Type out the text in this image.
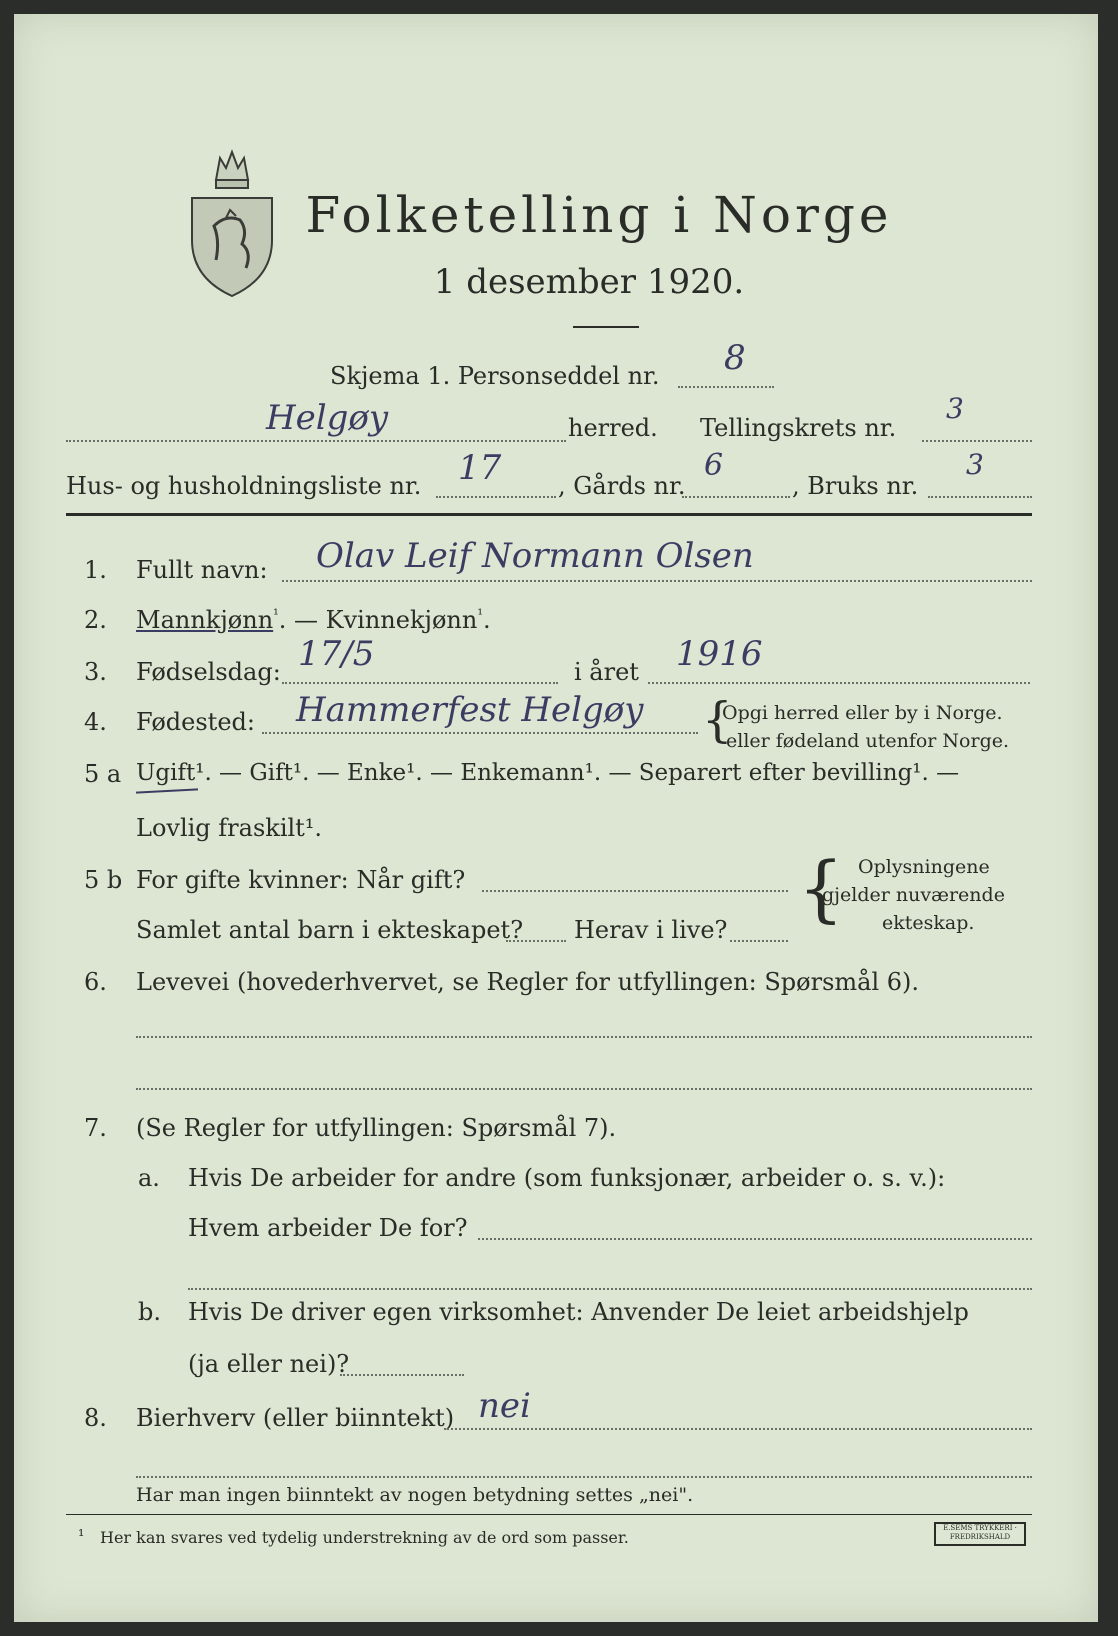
Folketelling i Norge
1 desember 1920.
Skjema 1. Personseddel nr. 8
Helgøy	herred. Tellingskrets nr.
3
Hus- og husholdningsliste nr. 17 , Gårds nr.
6
, Bruks nr.
3
1. Fullt navn: Olav Leif Normann Olsen
2. Mannkjønn$^{^1}$. — Kvinnekjønn$^{^1}$.
3. Fødselsdag: 17/5	i året 1916
4. Fødested: Hammerfest Helgøy {
Opgi herred eller by i Norge.
eller fødeland utenfor Norge.
5 a Ugift¹. — Gift¹. — Enke¹. — Enkemann¹. — Separert efter bevilling¹. —
Lovlig fraskilt¹.
5 b For gifte kvinner: Når gift?
Samlet antal barn i ekteskapet? Herav i live? { Oplysningene
gjelder nuværende
ekteskap.
6. Levevei (hovederhvervet, se Regler for utfyllingen: Spørsmål 6).
7. (Se Regler for utfyllingen: Spørsmål 7).
a. Hvis De arbeider for andre (som funksjonær, arbeider o. s. v.):
Hvem arbeider De for?
b. Hvis De driver egen virksomhet: Anvender De leiet arbeidshjelp
(ja eller nei)?
8. Bierhverv (eller biinntekt) nei
Har man ingen biinntekt av nogen betydning settes „nei".
¹ Her kan svares ved tydelig understrekning av de ord som passer.	E.SEMS TRYKKERI · FREDRIKSHALD
